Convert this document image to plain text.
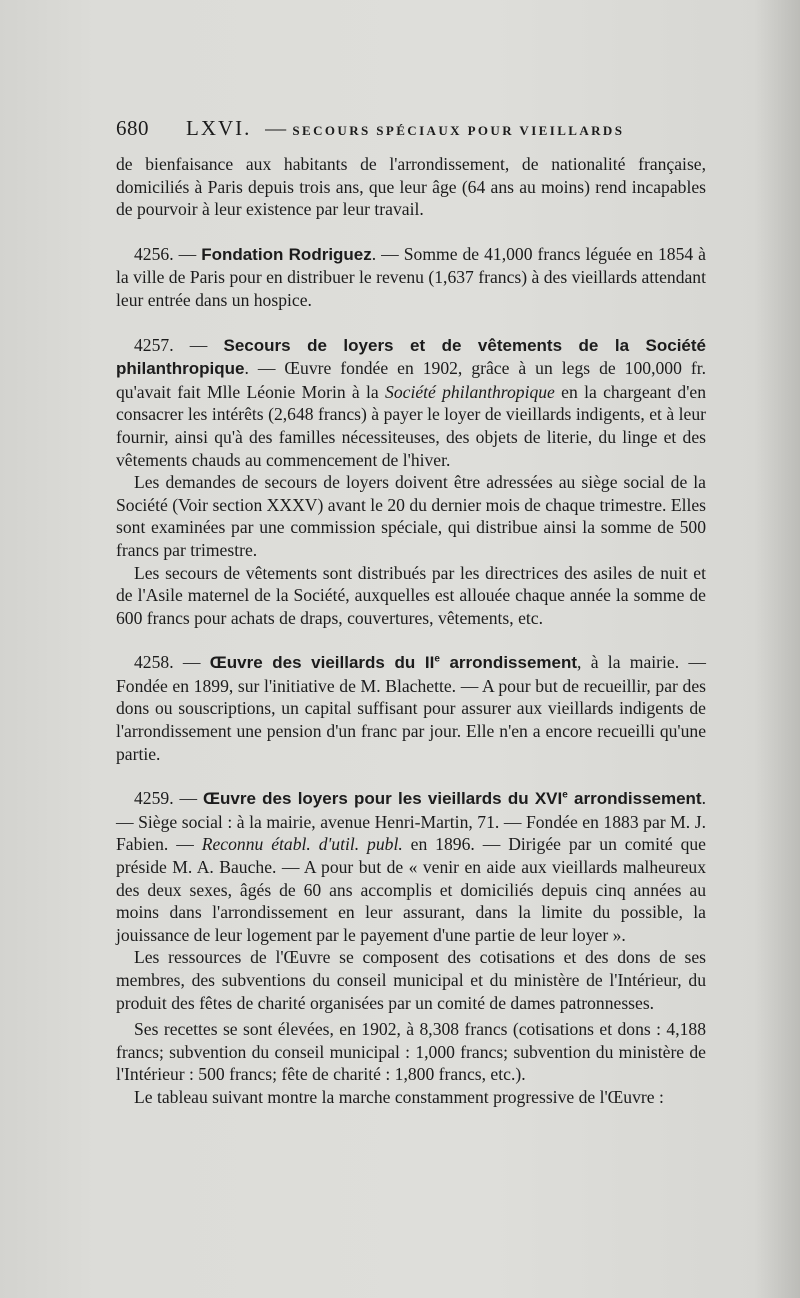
680 LXVI. — SECOURS SPÉCIAUX POUR VIEILLARDS

de bienfaisance aux habitants de l'arrondissement, de nationalité française, domiciliés à Paris depuis trois ans, que leur âge (64 ans au moins) rend incapables de pourvoir à leur existence par leur travail.

4256. — Fondation Rodriguez. — Somme de 41,000 francs léguée en 1854 à la ville de Paris pour en distribuer le revenu (1,637 francs) à des vieillards attendant leur entrée dans un hospice.

4257. — Secours de loyers et de vêtements de la Société philanthropique. — Œuvre fondée en 1902, grâce à un legs de 100,000 fr. qu'avait fait Mlle Léonie Morin à la Société philanthropique en la chargeant d'en consacrer les intérêts (2,648 francs) à payer le loyer de vieillards indigents, et à leur fournir, ainsi qu'à des familles nécessiteuses, des objets de literie, du linge et des vêtements chauds au commencement de l'hiver.

Les demandes de secours de loyers doivent être adressées au siège social de la Société (Voir section XXXV) avant le 20 du dernier mois de chaque trimestre. Elles sont examinées par une commission spéciale, qui distribue ainsi la somme de 500 francs par trimestre.

Les secours de vêtements sont distribués par les directrices des asiles de nuit et de l'Asile maternel de la Société, auxquelles est allouée chaque année la somme de 600 francs pour achats de draps, couvertures, vêtements, etc.

4258. — Œuvre des vieillards du IIe arrondissement, à la mairie. — Fondée en 1899, sur l'initiative de M. Blachette. — A pour but de recueillir, par des dons ou souscriptions, un capital suffisant pour assurer aux vieillards indigents de l'arrondissement une pension d'un franc par jour. Elle n'en a encore recueilli qu'une partie.

4259. — Œuvre des loyers pour les vieillards du XVIe arrondissement. — Siège social : à la mairie, avenue Henri-Martin, 71. — Fondée en 1883 par M. J. Fabien. — Reconnu établ. d'util. publ. en 1896. — Dirigée par un comité que préside M. A. Bauche. — A pour but de « venir en aide aux vieillards malheureux des deux sexes, âgés de 60 ans accomplis et domiciliés depuis cinq années au moins dans l'arrondissement en leur assurant, dans la limite du possible, la jouissance de leur logement par le payement d'une partie de leur loyer ».

Les ressources de l'Œuvre se composent des cotisations et des dons de ses membres, des subventions du conseil municipal et du ministère de l'Intérieur, du produit des fêtes de charité organisées par un comité de dames patronnesses.

Ses recettes se sont élevées, en 1902, à 8,308 francs (cotisations et dons : 4,188 francs; subvention du conseil municipal : 1,000 francs; subvention du ministère de l'Intérieur : 500 francs; fête de charité : 1,800 francs, etc.).

Le tableau suivant montre la marche constamment progressive de l'Œuvre :
